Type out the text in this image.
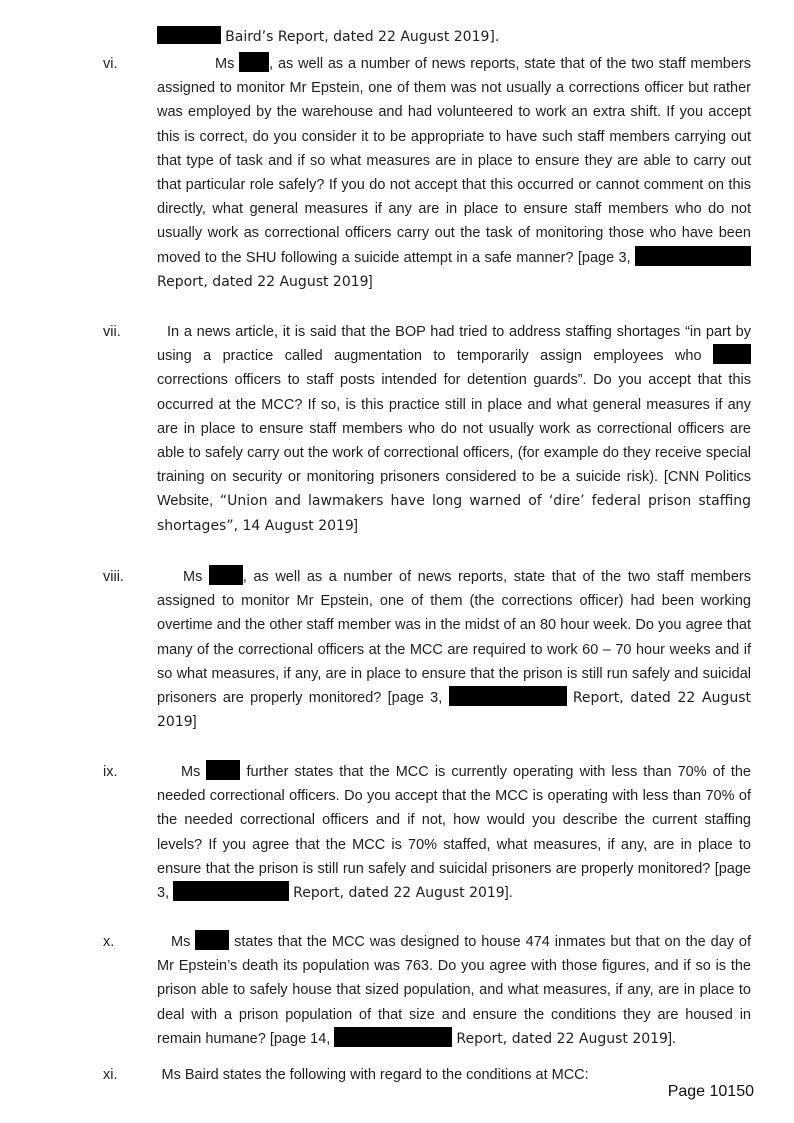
Baird’s Report, dated 22 August 2019].
vi.	Ms , as well as a number of news reports, state that of the two staff members assigned to monitor Mr Epstein, one of them was not usually a corrections officer but rather was employed by the warehouse and had volunteered to work an extra shift. If you accept this is correct, do you consider it to be appropriate to have such staff members carrying out that type of task and if so what measures are in place to ensure they are able to carry out that particular role safely? If you do not accept that this occurred or cannot comment on this directly, what general measures if any are in place to ensure staff members who do not usually work as correctional officers carry out the task of monitoring those who have been moved to the SHU following a suicide attempt in a safe manner? [page 3,  Report, dated 22 August 2019]
vii.	In a news article, it is said that the BOP had tried to address staffing shortages “in part by using a practice called augmentation to temporarily assign employees who  corrections officers to staff posts intended for detention guards”. Do you accept that this occurred at the MCC? If so, is this practice still in place and what general measures if any are in place to ensure staff members who do not usually work as correctional officers are able to safely carry out the work of correctional officers, (for example do they receive special training on security or monitoring prisoners considered to be a suicide risk). [CNN Politics Website, “Union and lawmakers have long warned of ‘dire’ federal prison staffing shortages”, 14 August 2019]
viii.	Ms	, as well as a number of news reports, state that of the two staff members assigned to monitor Mr Epstein, one of them (the corrections officer) had been working overtime and the other staff member was in the midst of an 80 hour week. Do you agree that many of the correctional officers at the MCC are required to work 60 – 70 hour weeks and if so what measures, if any, are in place to ensure that the prison is still run safely and suicidal prisoners are properly monitored? [page 3,	Report, dated 22 August 2019]
ix.	Ms	further states that the MCC is currently operating with less than 70% of the needed correctional officers. Do you accept that the MCC is operating with less than 70% of the needed correctional officers and if not, how would you describe the current staffing levels? If you agree that the MCC is 70% staffed, what measures, if any, are in place to ensure that the prison is still run safely and suicidal prisoners are properly monitored? [page 3,	Report, dated 22 August 2019].
x.	Ms	states that the MCC was designed to house 474 inmates but that on the day of Mr Epstein’s death its population was 763. Do you agree with those figures, and if so is the prison able to safely house that sized population, and what measures, if any, are in place to deal with a prison population of that size and ensure the conditions they are housed in remain humane? [page 14,	Report, dated 22 August 2019].
xi.	Ms Baird states the following with regard to the conditions at MCC:
Page 10150
